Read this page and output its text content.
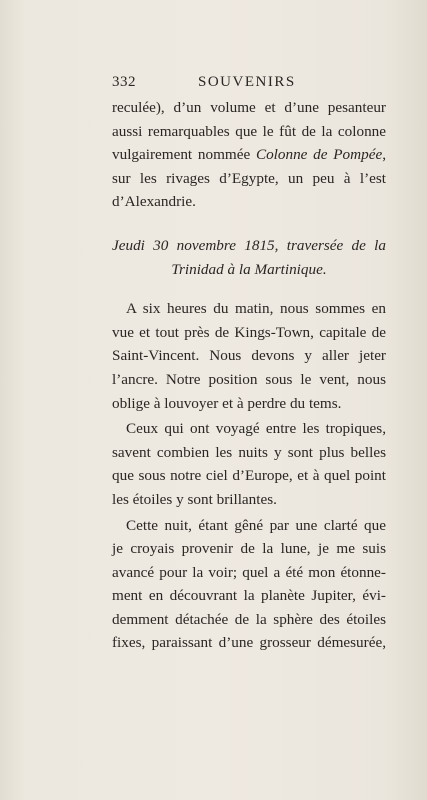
332	SOUVENIRS
reculée), d’un volume et d’une pesanteur
aussi remarquables que le fût de la colonne
vulgairement nommée Colonne de Pompée,
sur les rivages d’Egypte, un peu à l’est
d’Alexandrie.
Jeudi 30 novembre 1815, traversée de la
Trinidad à la Martinique.
A six heures du matin, nous sommes en
vue et tout près de Kings-Town, capitale de
Saint-Vincent. Nous devons y aller jeter
l’ancre. Notre position sous le vent, nous
oblige à louvoyer et à perdre du tems.
Ceux qui ont voyagé entre les tropiques,
savent combien les nuits y sont plus belles
que sous notre ciel d’Europe, et à quel point
les étoiles y sont brillantes.
Cette nuit, étant gêné par une clarté que
je croyais provenir de la lune, je me suis
avancé pour la voir; quel a été mon étonne-
ment en découvrant la planète Jupiter, évi-
demment détachée de la sphère des étoiles
fixes, paraissant d’une grosseur démesurée,
